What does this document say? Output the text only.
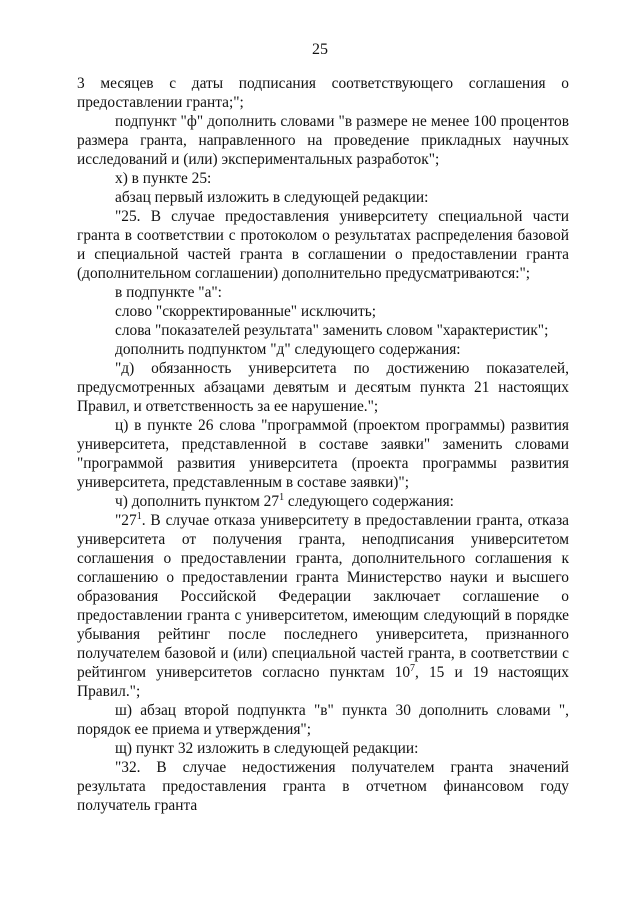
25

3 месяцев с даты подписания соответствующего соглашения о предоставлении гранта;";

подпункт "ф" дополнить словами "в размере не менее 100 процентов размера гранта, направленного на проведение прикладных научных исследований и (или) экспериментальных разработок";

х) в пункте 25:

абзац первый изложить в следующей редакции:

"25. В случае предоставления университету специальной части гранта в соответствии с протоколом о результатах распределения базовой и специальной частей гранта в соглашении о предоставлении гранта (дополнительном соглашении) дополнительно предусматриваются:";

в подпункте "а":

слово "скорректированные" исключить;

слова "показателей результата" заменить словом "характеристик";

дополнить подпунктом "д" следующего содержания:

"д) обязанность университета по достижению показателей, предусмотренных абзацами девятым и десятым пункта 21 настоящих Правил, и ответственность за ее нарушение.";

ц) в пункте 26 слова "программой (проектом программы) развития университета, представленной в составе заявки" заменить словами "программой развития университета (проекта программы развития университета, представленным в составе заявки)";

ч) дополнить пунктом $27^1$ следующего содержания:

"$27^1$. В случае отказа университету в предоставлении гранта, отказа университета от получения гранта, неподписания университетом соглашения о предоставлении гранта, дополнительного соглашения к соглашению о предоставлении гранта Министерство науки и высшего образования Российской Федерации заключает соглашение о предоставлении гранта с университетом, имеющим следующий в порядке убывания рейтинг после последнего университета, признанного получателем базовой и (или) специальной частей гранта, в соответствии с рейтингом университетов согласно пунктам $10^7$, 15 и 19 настоящих Правил.";

ш) абзац второй подпункта "в" пункта 30 дополнить словами ", порядок ее приема и утверждения";

щ) пункт 32 изложить в следующей редакции:

"32. В случае недостижения получателем гранта значений результата предоставления гранта в отчетном финансовом году получатель гранта
